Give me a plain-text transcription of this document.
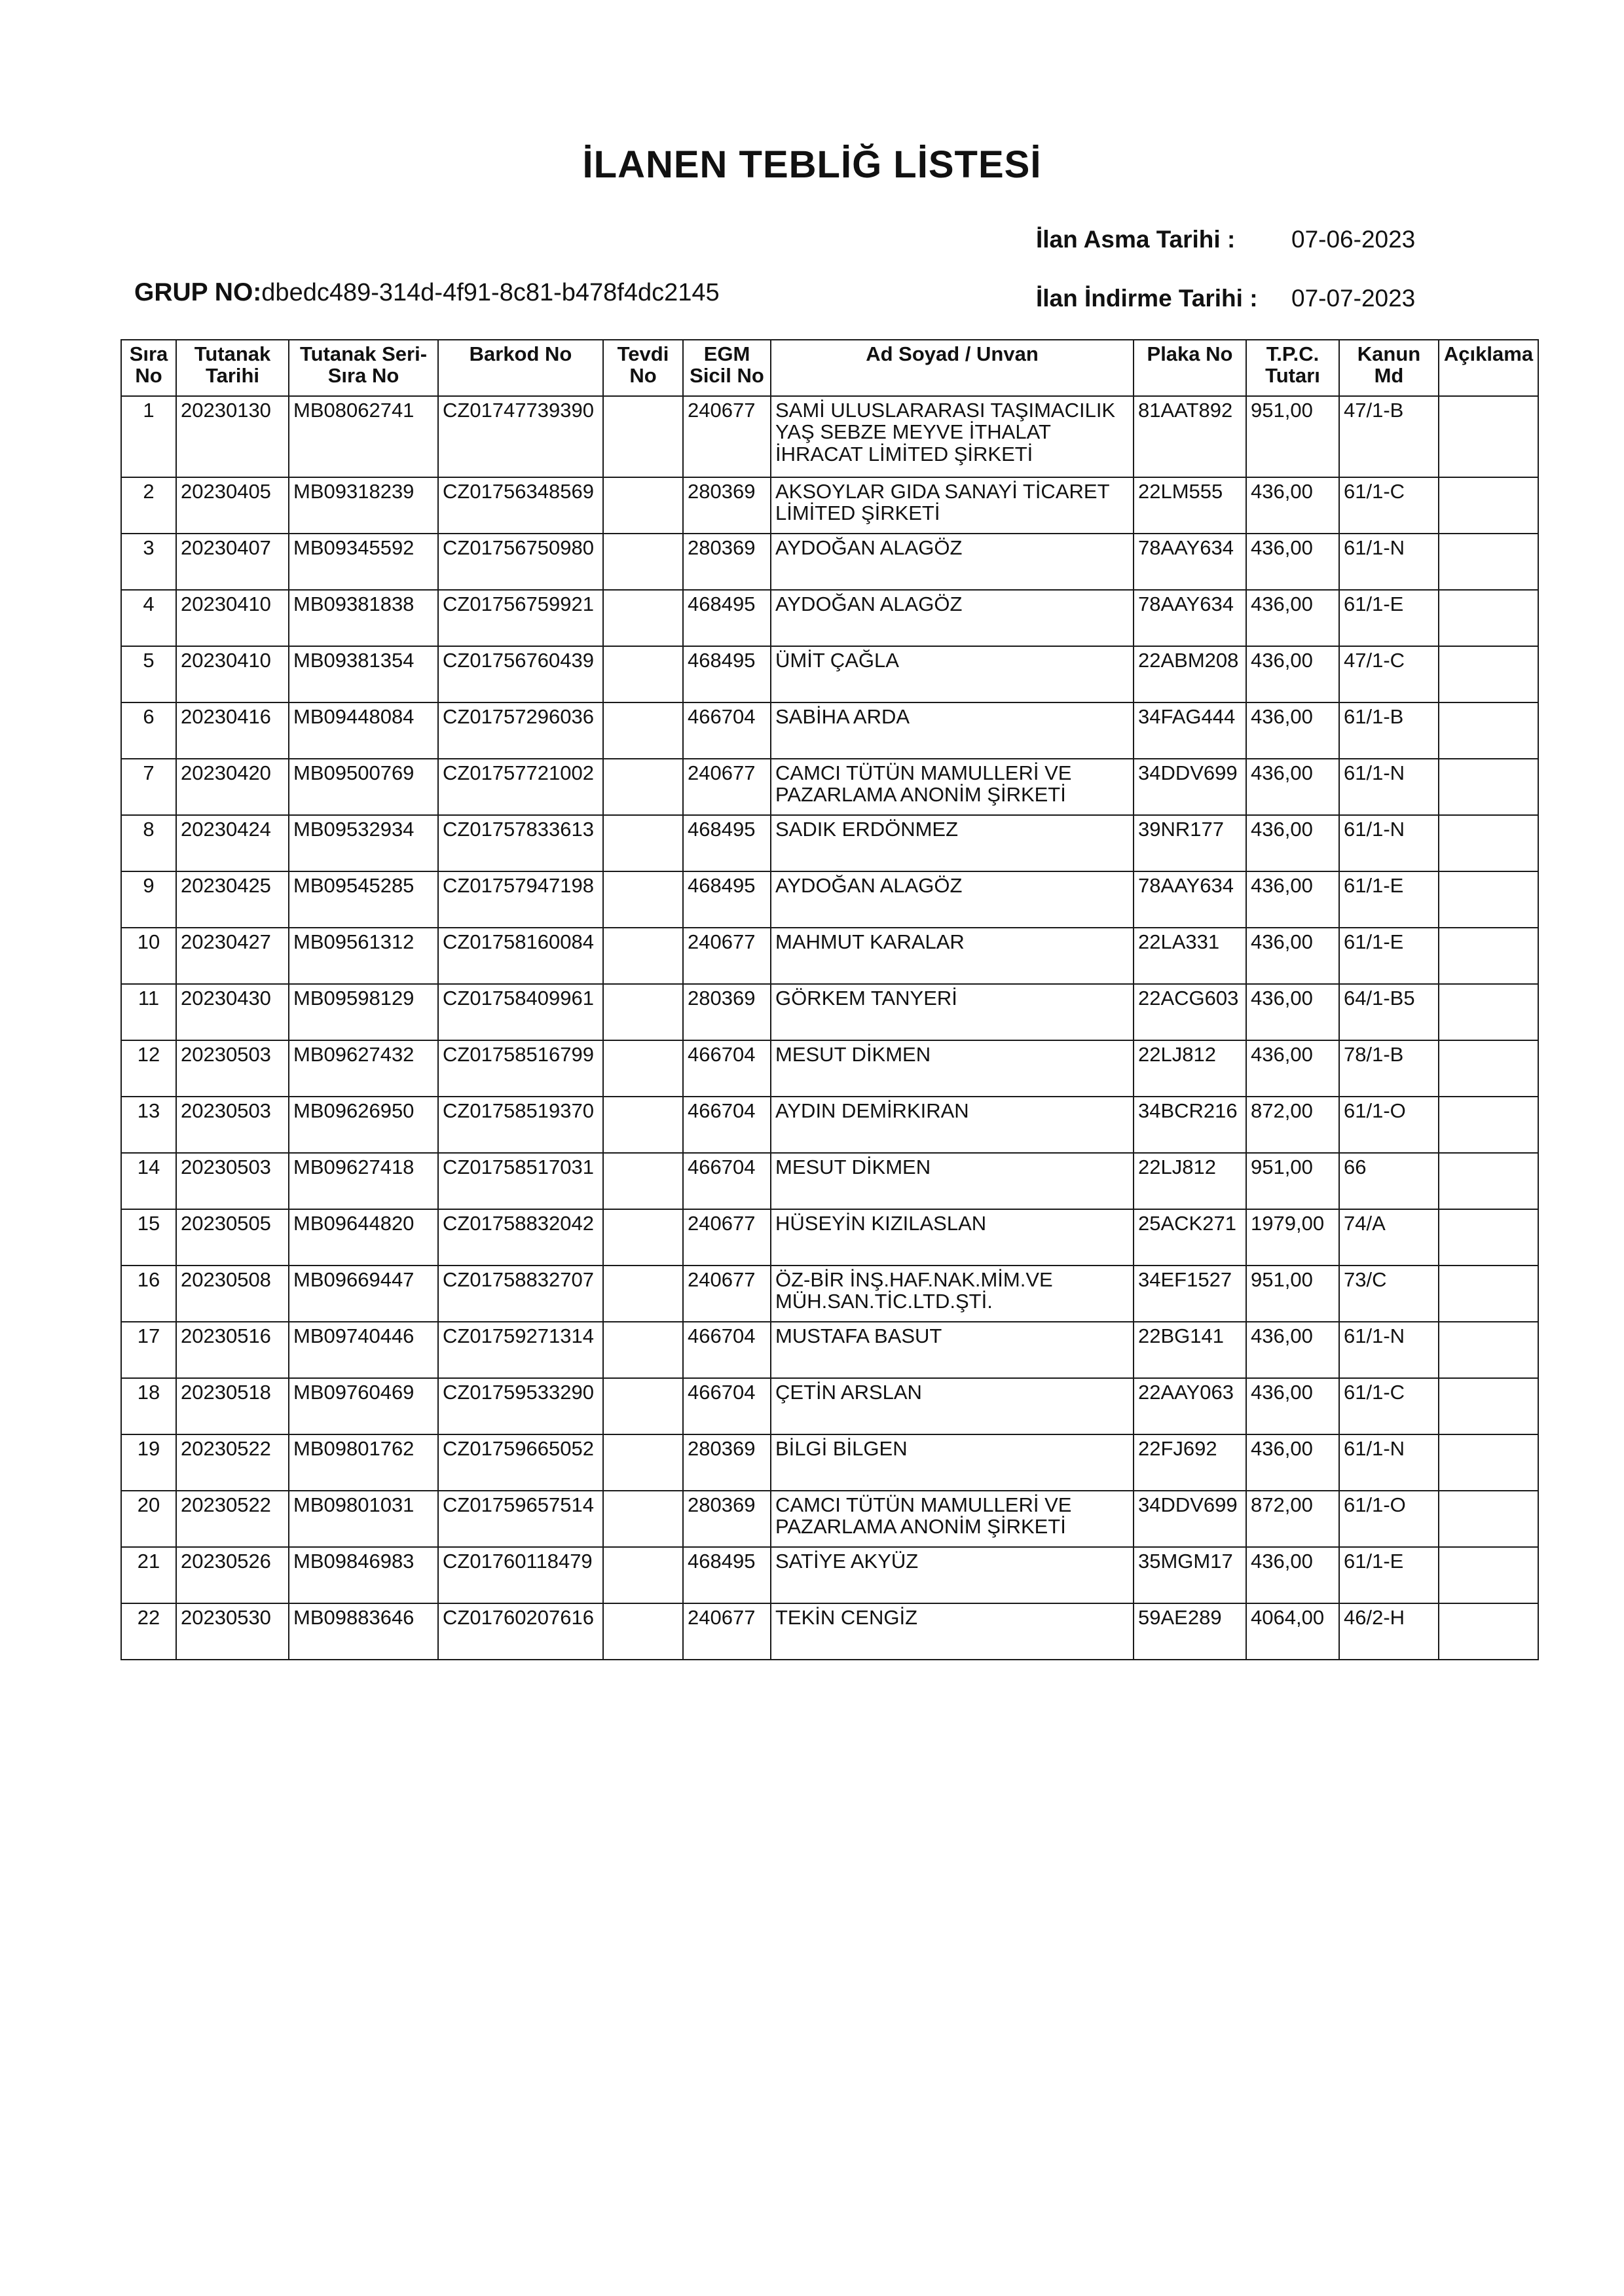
İLANEN TEBLİĞ LİSTESİ
İlan Asma Tarihi : 07-06-2023
GRUP NO:dbedc489-314d-4f91-8c81-b478f4dc2145	İlan İndirme Tarihi : 07-07-2023
Sıra No	Tutanak Tarihi	Tutanak Seri- Sıra No	Barkod No	Tevdi No	EGM Sicil No	Ad Soyad / Unvan	Plaka No	T.P.C. Tutarı	Kanun Md	Açıklama
1	20230130	MB08062741	CZ01747739390		240677	SAMİ ULUSLARARASI TAŞIMACILIK YAŞ SEBZE MEYVE İTHALAT İHRACAT LİMİTED ŞİRKETİ	81AAT892	951,00	47/1-B	
2	20230405	MB09318239	CZ01756348569		280369	AKSOYLAR GIDA SANAYİ TİCARET LİMİTED ŞİRKETİ	22LM555	436,00	61/1-C	
3	20230407	MB09345592	CZ01756750980		280369	AYDOĞAN ALAGÖZ	78AAY634	436,00	61/1-N	
4	20230410	MB09381838	CZ01756759921		468495	AYDOĞAN ALAGÖZ	78AAY634	436,00	61/1-E	
5	20230410	MB09381354	CZ01756760439		468495	ÜMİT ÇAĞLA	22ABM208	436,00	47/1-C	
6	20230416	MB09448084	CZ01757296036		466704	SABİHA ARDA	34FAG444	436,00	61/1-B	
7	20230420	MB09500769	CZ01757721002		240677	CAMCI TÜTÜN MAMULLERİ VE PAZARLAMA ANONİM ŞİRKETİ	34DDV699	436,00	61/1-N	
8	20230424	MB09532934	CZ01757833613		468495	SADIK ERDÖNMEZ	39NR177	436,00	61/1-N	
9	20230425	MB09545285	CZ01757947198		468495	AYDOĞAN ALAGÖZ	78AAY634	436,00	61/1-E	
10	20230427	MB09561312	CZ01758160084		240677	MAHMUT KARALAR	22LA331	436,00	61/1-E	
11	20230430	MB09598129	CZ01758409961		280369	GÖRKEM TANYERİ	22ACG603	436,00	64/1-B5	
12	20230503	MB09627432	CZ01758516799		466704	MESUT DİKMEN	22LJ812	436,00	78/1-B	
13	20230503	MB09626950	CZ01758519370		466704	AYDIN DEMİRKIRAN	34BCR216	872,00	61/1-O	
14	20230503	MB09627418	CZ01758517031		466704	MESUT DİKMEN	22LJ812	951,00	66	
15	20230505	MB09644820	CZ01758832042		240677	HÜSEYİN KIZILASLAN	25ACK271	1979,00	74/A	
16	20230508	MB09669447	CZ01758832707		240677	ÖZ-BİR İNŞ.HAF.NAK.MİM.VE MÜH.SAN.TİC.LTD.ŞTİ.	34EF1527	951,00	73/C	
17	20230516	MB09740446	CZ01759271314		466704	MUSTAFA BASUT	22BG141	436,00	61/1-N	
18	20230518	MB09760469	CZ01759533290		466704	ÇETİN ARSLAN	22AAY063	436,00	61/1-C	
19	20230522	MB09801762	CZ01759665052		280369	BİLGİ BİLGEN	22FJ692	436,00	61/1-N	
20	20230522	MB09801031	CZ01759657514		280369	CAMCI TÜTÜN MAMULLERİ VE PAZARLAMA ANONİM ŞİRKETİ	34DDV699	872,00	61/1-O	
21	20230526	MB09846983	CZ01760118479		468495	SATİYE AKYÜZ	35MGM17	436,00	61/1-E	
22	20230530	MB09883646	CZ01760207616		240677	TEKİN CENGİZ	59AE289	4064,00	46/2-H	
